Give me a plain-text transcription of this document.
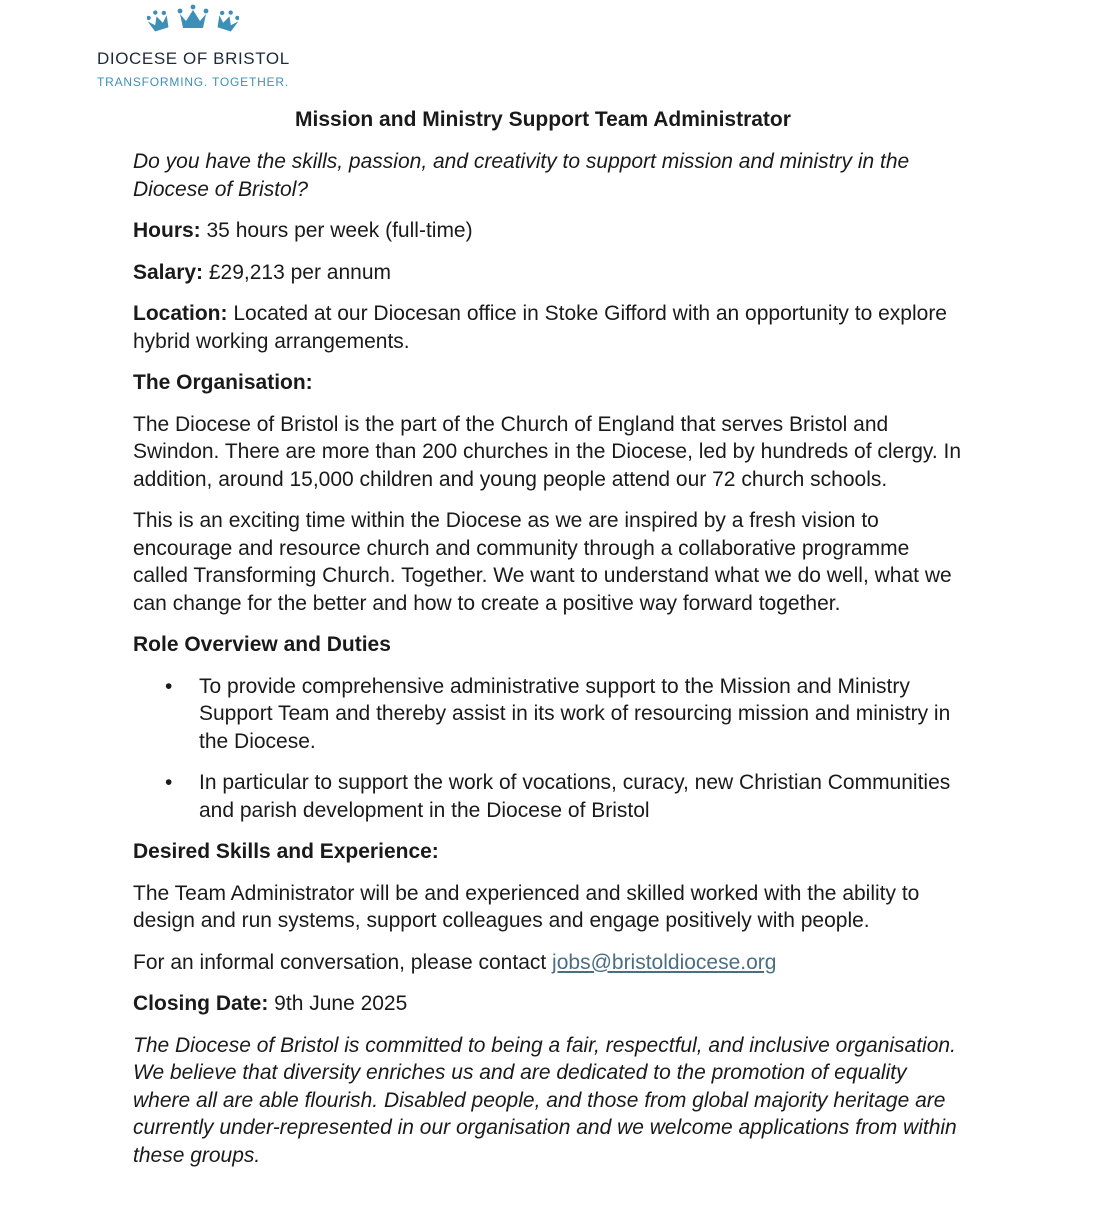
DIOCESE OF BRISTOL
TRANSFORMING. TOGETHER.
Mission and Ministry Support Team Administrator

Do you have the skills, passion, and creativity to support mission and ministry in the Diocese of Bristol?

Hours: 35 hours per week (full-time)

Salary: £29,213 per annum

Location: Located at our Diocesan office in Stoke Gifford with an opportunity to explore hybrid working arrangements.

The Organisation:

The Diocese of Bristol is the part of the Church of England that serves Bristol and Swindon. There are more than 200 churches in the Diocese, led by hundreds of clergy. In addition, around 15,000 children and young people attend our 72 church schools.

This is an exciting time within the Diocese as we are inspired by a fresh vision to encourage and resource church and community through a collaborative programme called Transforming Church. Together. We want to understand what we do well, what we can change for the better and how to create a positive way forward together.

Role Overview and Duties

• To provide comprehensive administrative support to the Mission and Ministry Support Team and thereby assist in its work of resourcing mission and ministry in the Diocese.
• In particular to support the work of vocations, curacy, new Christian Communities and parish development in the Diocese of Bristol

Desired Skills and Experience:

The Team Administrator will be and experienced and skilled worked with the ability to design and run systems, support colleagues and engage positively with people.

For an informal conversation, please contact jobs@bristoldiocese.org

Closing Date: 9th June 2025

The Diocese of Bristol is committed to being a fair, respectful, and inclusive organisation. We believe that diversity enriches us and are dedicated to the promotion of equality where all are able flourish. Disabled people, and those from global majority heritage are currently under-represented in our organisation and we welcome applications from within these groups.
